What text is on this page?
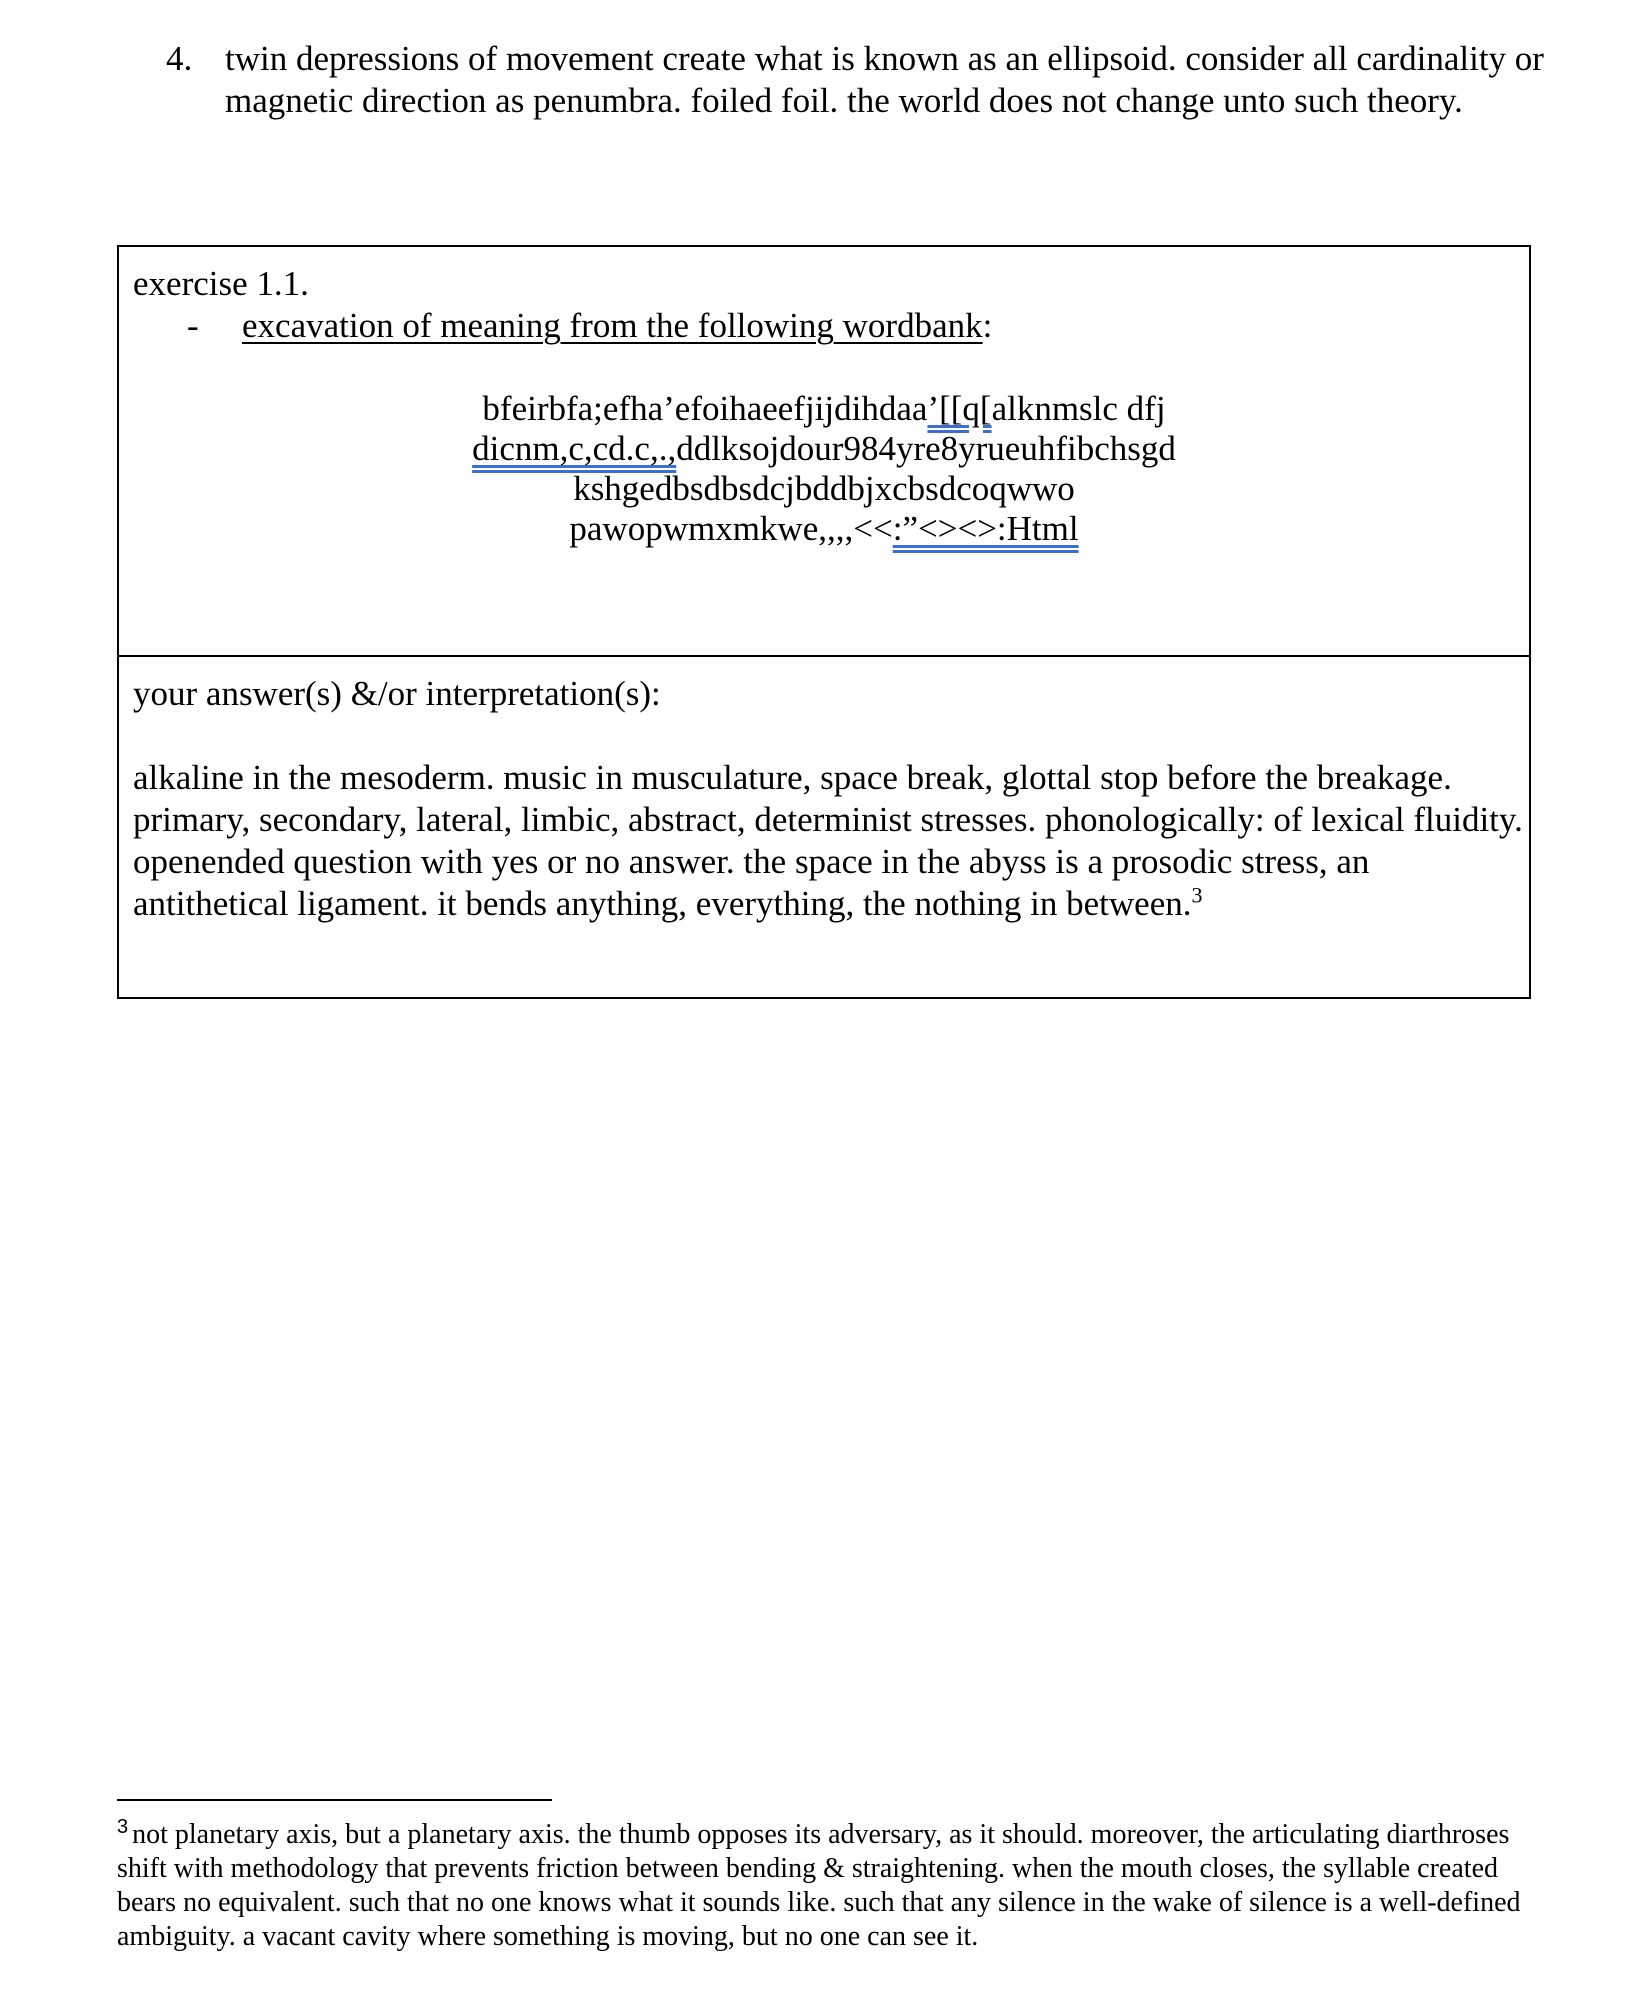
4. twin depressions of movement create what is known as an ellipsoid. consider all cardinality or magnetic direction as penumbra. foiled foil. the world does not change unto such theory.
exercise 1.1.
- excavation of meaning from the following wordbank:
bfeirbfa;efha’efoihaeefjijdihdaa’[[q[alknmslc dfj
dicnm,c,cd.c,.,ddlksojdour984yre8yrueuhfibchsgd
kshgedbsdbsdcjbddbjxcbsdcoqwwo
pawopwmxmkwe,,,,<<:”<><>:Html
your answer(s) &/or interpretation(s):
alkaline in the mesoderm. music in musculature, space break, glottal stop before the breakage. primary, secondary, lateral, limbic, abstract, determinist stresses. phonologically: of lexical fluidity. openended question with yes or no answer. the space in the abyss is a prosodic stress, an antithetical ligament. it bends anything, everything, the nothing in between.$^3$
$^3$ not planetary axis, but a planetary axis. the thumb opposes its adversary, as it should. moreover, the articulating diarthroses shift with methodology that prevents friction between bending & straightening. when the mouth closes, the syllable created bears no equivalent. such that no one knows what it sounds like. such that any silence in the wake of silence is a well-defined ambiguity. a vacant cavity where something is moving, but no one can see it.
